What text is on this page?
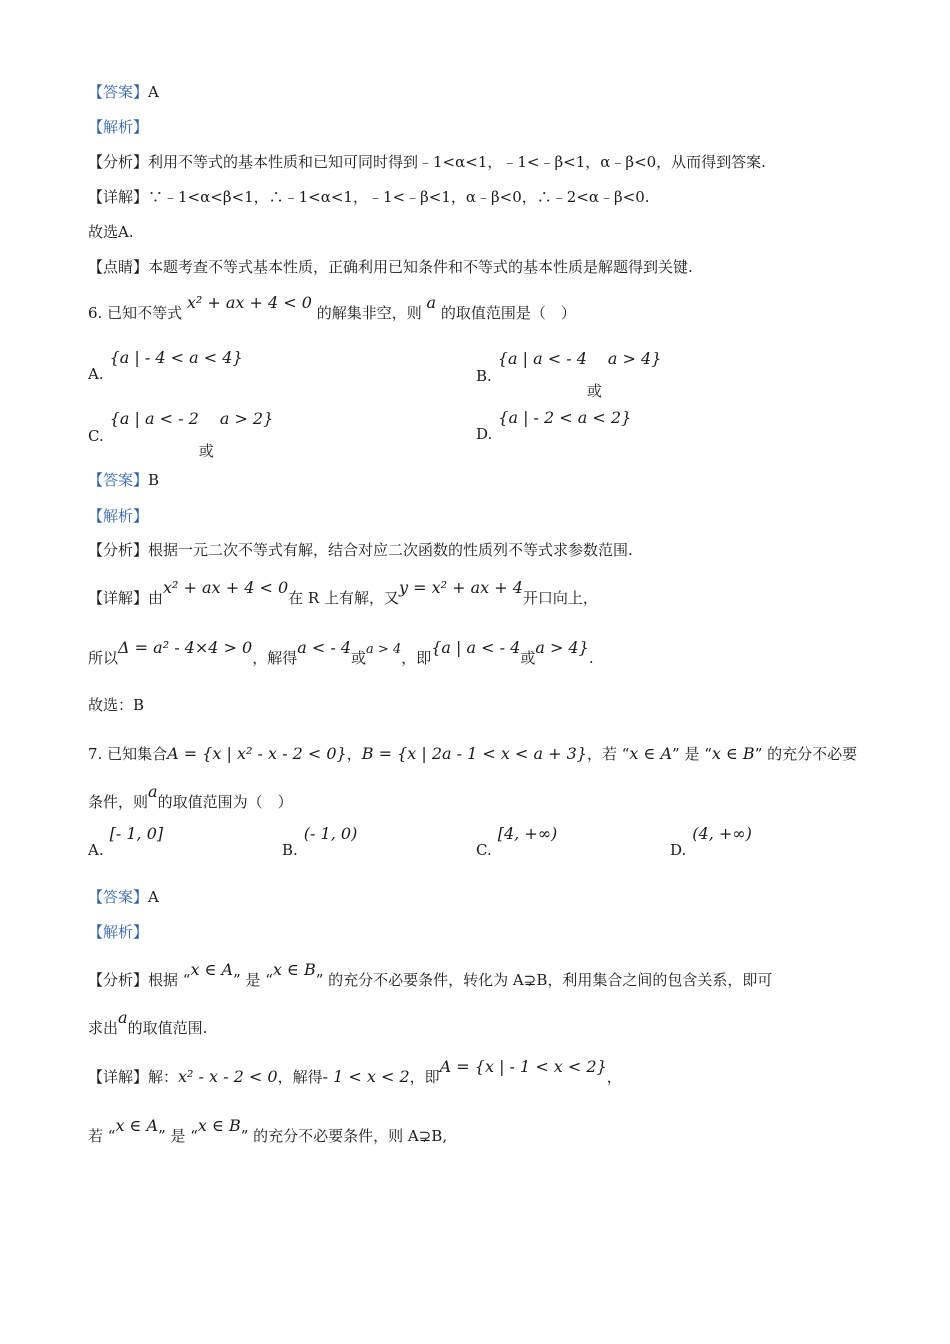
【答案】A
【解析】
【分析】利用不等式的基本性质和已知可同时得到﹣1<α<1，﹣1<﹣β<1，α﹣β<0，从而得到答案.
【详解】∵﹣1<α<β<1，∴﹣1<α<1，﹣1<﹣β<1，α﹣β<0，∴﹣2<α﹣β<0.
故选A.
【点睛】本题考查不等式基本性质，正确利用已知条件和不等式的基本性质是解题得到关键.
6. 已知不等式 x² + ax + 4 < 0 的解集非空，则 a 的取值范围是（　）
A.{a | - 4 < a < 4}
B.{a | a < - 4或a > 4}
C.{a | a < - 2或a > 2}
D.{a | - 2 < a < 2}
【答案】B
【解析】
【分析】根据一元二次不等式有解，结合对应二次函数的性质列不等式求参数范围.
【详解】由x² + ax + 4 < 0在 R 上有解，又y = x² + ax + 4开口向上，
所以Δ = a² - 4×4 > 0，解得a < - 4或a > 4，即{a | a < - 4或a > 4}.
故选：B
7. 已知集合A = {x | x² - x - 2 < 0}，B = {x | 2a - 1 < x < a + 3}，若 “x ∈ A” 是 “x ∈ B” 的充分不必要
条件，则a的取值范围为（　）
A.[- 1, 0]
B.(- 1, 0)
C.[4, +∞)
D.(4, +∞)
【答案】A
【解析】
【分析】根据 “x ∈ A” 是 “x ∈ B” 的充分不必要条件，转化为 A⊋B，利用集合之间的包含关系，即可
求出a的取值范围.
【详解】解：x² - x - 2 < 0，解得- 1 < x < 2，即A = {x | - 1 < x < 2}，
若 “x ∈ A” 是 “x ∈ B” 的充分不必要条件，则 A⊋B,
